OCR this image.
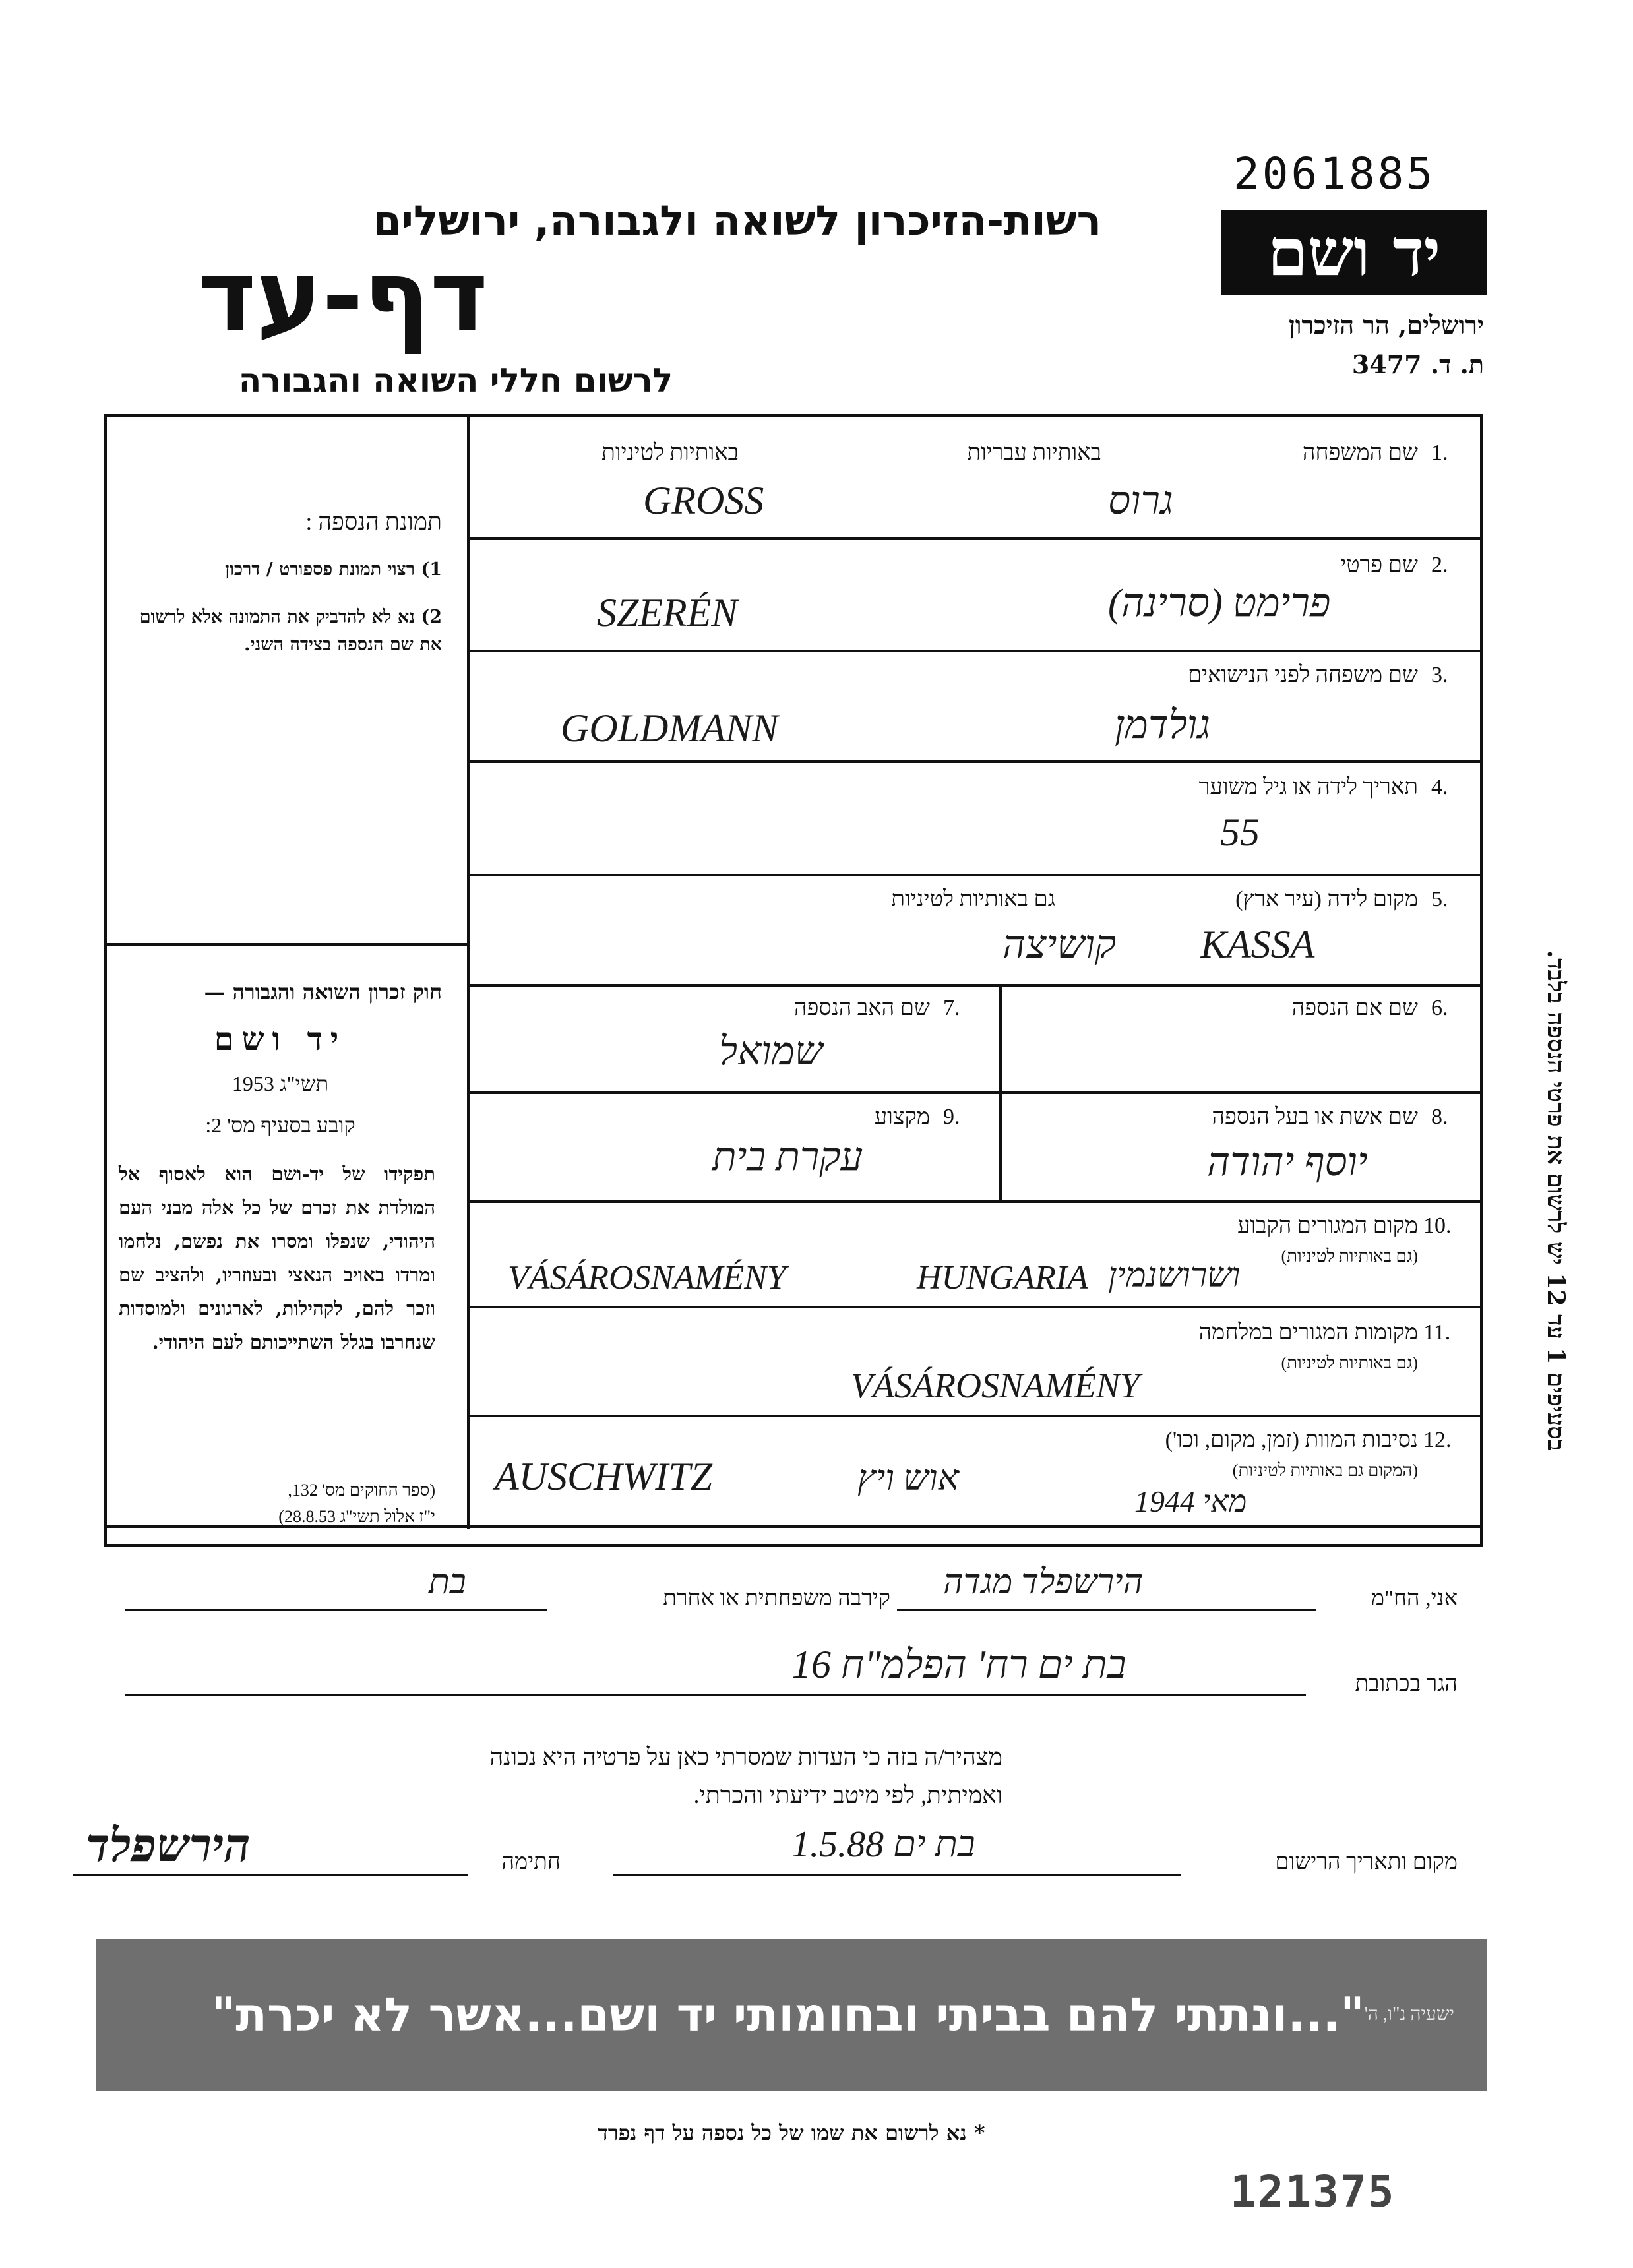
2061885
יד ושם
ירושלים, הר הזיכרון
ת. ד. 3477
רשות-הזיכרון לשואה ולגבורה, ירושלים
דף-עד
לרשום חללי השואה והגבורה
בסעיפים 1 עד 12 יש לרשום את פרטי הנספה בלבד.
תמונת הנספה :
1) רצוי תמונת פספורט / דרכון
2) נא לא להדביק את התמונה אלא לרשום את שם הנספה בצידה השני.
חוק זכרון השואה והגבורה —
יד ושם
תשי"ג 1953
קובע בסעיף מס' 2:
תפקידו של יד-ושם הוא לאסוף אל המולדת את זכרם של כל אלה מבני העם היהודי, שנפלו ומסרו את נפשם, נלחמו ומרדו באויב הנאצי ובעוזריו, ולהציב שם וזכר להם, לקהילות, לארגונים ולמוסדות שנחרבו בגלל השתייכותם לעם היהודי.
(ספר החוקים מס' 132,
י"ז אלול תשי"ג 28.8.53)
1.
שם המשפחה
באותיות עבריות
באותיות לטיניות
גרוס
GROSS
2.
שם פרטי
פרימט (סרינה)
SZERÉN
3.
שם משפחה לפני הנישואים
גולדמן
GOLDMANN
4.
תאריך לידה או גיל משוער
55
5.
מקום לידה (עיר ארץ)
גם באותיות לטיניות
קושיצה KASSA
6.
שם אם הנספה
7.
שם האב הנספה
שמואל
8.
שם אשת או בעל הנספה
יוסף יהודה
9.
מקצוע
עקרת בית
10.
מקום המגורים הקבוע
(גם באותיות לטיניות)
VÁSÁROSNAMÉNY	HUNGARIA ושרושנמין
11.
מקומות המגורים במלחמה
(גם באותיות לטיניות)
VÁSÁROSNAMÉNY
12.
נסיבות המוות (זמן, מקום, וכו')
(המקום גם באותיות לטיניות)
AUSCHWITZ	אוש ויץ
מאי 1944
אני, הח"מ
הירשפלד מגדה
קירבה משפחתית או אחרת
בת
הגר בכתובת
בת ים רח' הפלמ"ח 16
מצהיר/ה בזה כי העדות שמסרתי כאן על פרטיה היא נכונה ואמיתית, לפי מיטב ידיעתי והכרתי.
מקום ותאריך הרישום
בת ים 1.5.88
חתימה
הירשפלד
ישעיה נ"ו, ה'
"...ונתתי להם בביתי ובחומותי יד ושם...אשר לא יכרת"
* נא לרשום את שמו של כל נספה על דף נפרד
121375
